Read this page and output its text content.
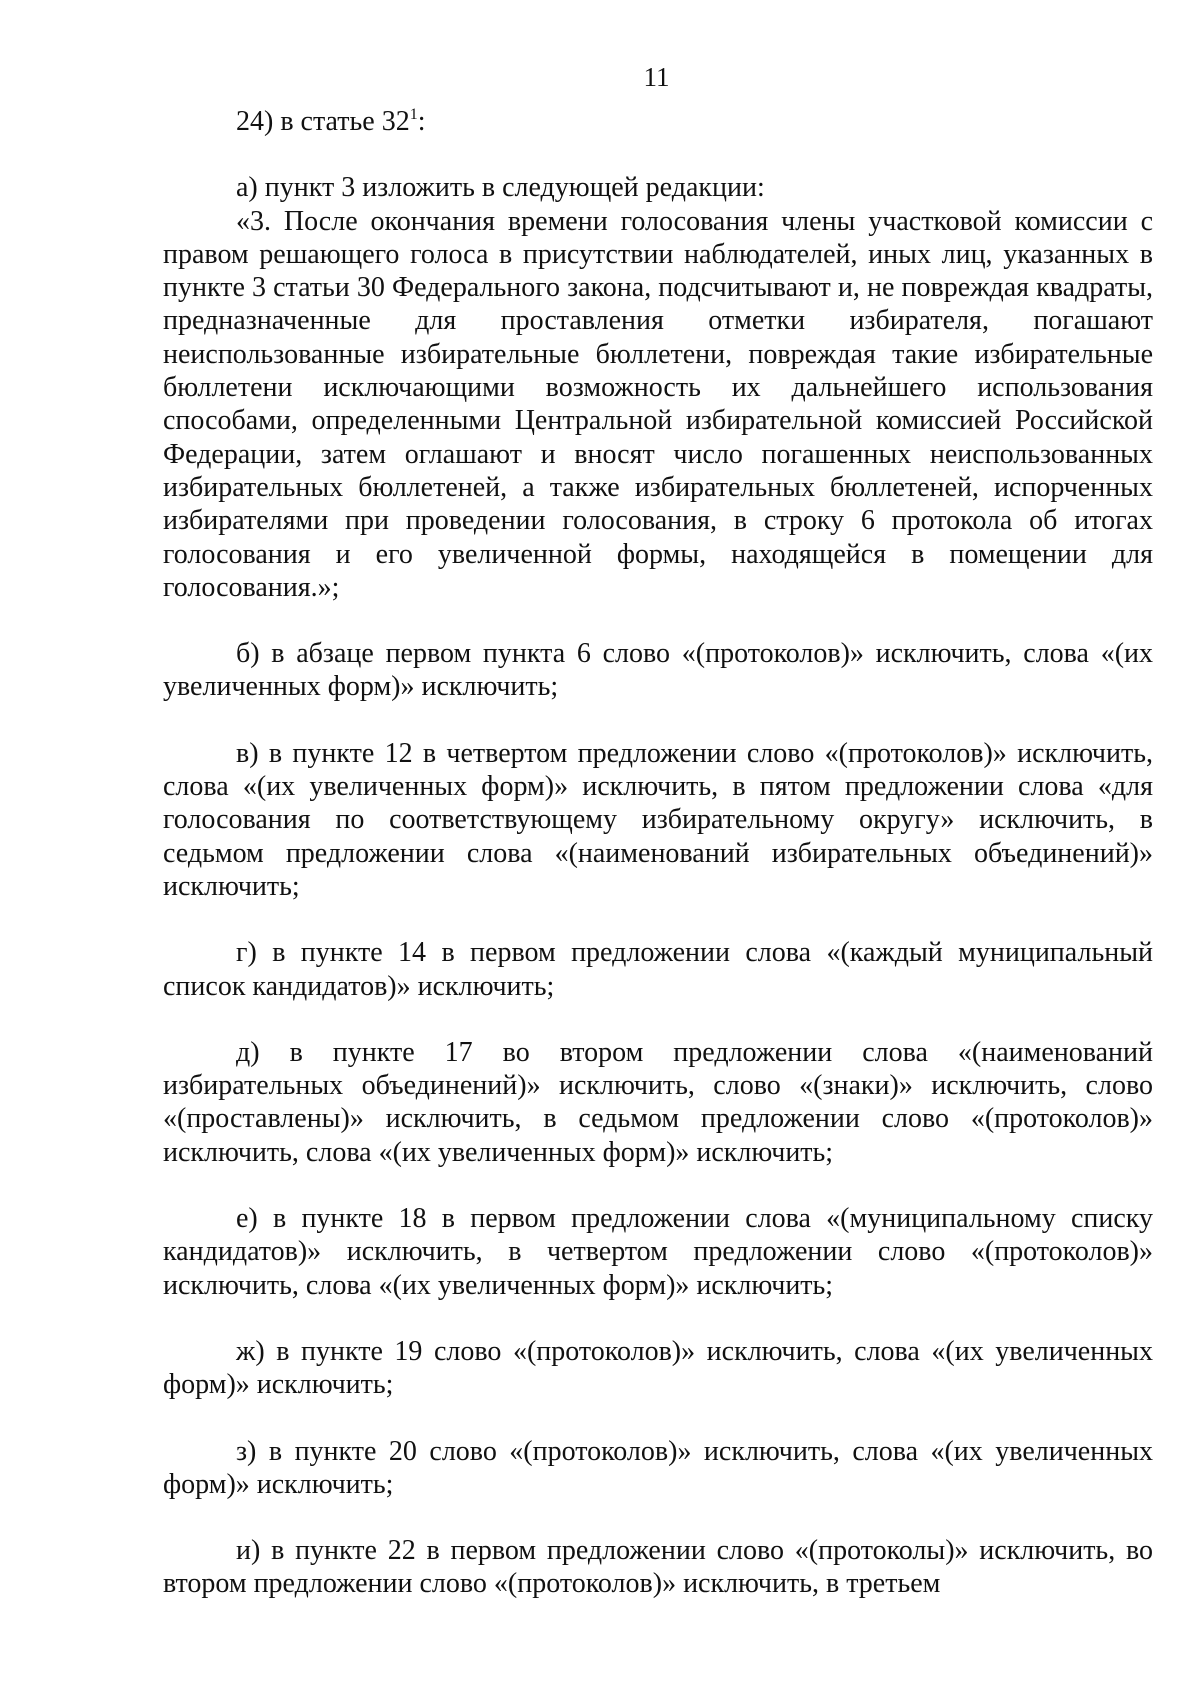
11

24) в статье $32^1$:

а) пункт 3 изложить в следующей редакции:

«3. После окончания времени голосования члены участковой комиссии с правом решающего голоса в присутствии наблюдателей, иных лиц, указанных в пункте 3 статьи 30 Федерального закона, подсчитывают и, не повреждая квадраты, предназначенные для проставления отметки избирателя, погашают неиспользованные избирательные бюллетени, повреждая такие избирательные бюллетени исключающими возможность их дальнейшего использования способами, определенными Центральной избирательной комиссией Российской Федерации, затем оглашают и вносят число погашенных неиспользованных избирательных бюллетеней, а также избирательных бюллетеней, испорченных избирателями при проведении голосования, в строку 6 протокола об итогах голосования и его увеличенной формы, находящейся в помещении для голосования.»;

б) в абзаце первом пункта 6 слово «(протоколов)» исключить, слова «(их увеличенных форм)» исключить;

в) в пункте 12 в четвертом предложении слово «(протоколов)» исключить, слова «(их увеличенных форм)» исключить, в пятом предложении слова «для голосования по соответствующему избирательному округу» исключить, в седьмом предложении слова «(наименований избирательных объединений)» исключить;

г) в пункте 14 в первом предложении слова «(каждый муниципальный список кандидатов)» исключить;

д) в пункте 17 во втором предложении слова «(наименований избирательных объединений)» исключить, слово «(знаки)» исключить, слово «(проставлены)» исключить, в седьмом предложении слово «(протоколов)» исключить, слова «(их увеличенных форм)» исключить;

е) в пункте 18 в первом предложении слова «(муниципальному списку кандидатов)» исключить, в четвертом предложении слово «(протоколов)» исключить, слова «(их увеличенных форм)» исключить;

ж) в пункте 19 слово «(протоколов)» исключить, слова «(их увеличенных форм)» исключить;

з) в пункте 20 слово «(протоколов)» исключить, слова «(их увеличенных форм)» исключить;

и) в пункте 22 в первом предложении слово «(протоколы)» исключить, во втором предложении слово «(протоколов)» исключить, в третьем
